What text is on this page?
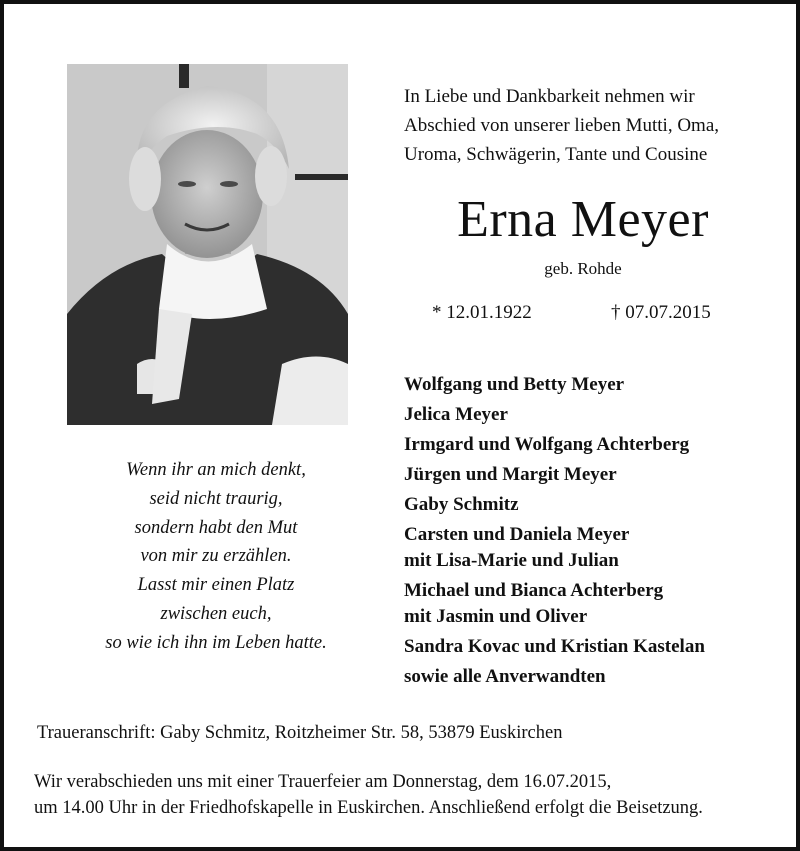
Wenn ihr an mich denkt,
seid nicht traurig,
sondern habt den Mut
von mir zu erzählen.
Lasst mir einen Platz
zwischen euch,
so wie ich ihn im Leben hatte.
In Liebe und Dankbarkeit nehmen wir
Abschied von unserer lieben Mutti, Oma,
Uroma, Schwägerin, Tante und Cousine
Erna Meyer
geb. Rohde
* 12.01.1922	† 07.07.2015
Wolfgang und Betty Meyer
Jelica Meyer
Irmgard und Wolfgang Achterberg
Jürgen und Margit Meyer
Gaby Schmitz
Carsten und Daniela Meyer
mit Lisa-Marie und Julian
Michael und Bianca Achterberg
mit Jasmin und Oliver
Sandra Kovac und Kristian Kastelan
sowie alle Anverwandten
Traueranschrift: Gaby Schmitz, Roitzheimer Str. 58, 53879 Euskirchen
Wir verabschieden uns mit einer Trauerfeier am Donnerstag, dem 16.07.2015,
um 14.00 Uhr in der Friedhofskapelle in Euskirchen. Anschließend erfolgt die Beisetzung.
